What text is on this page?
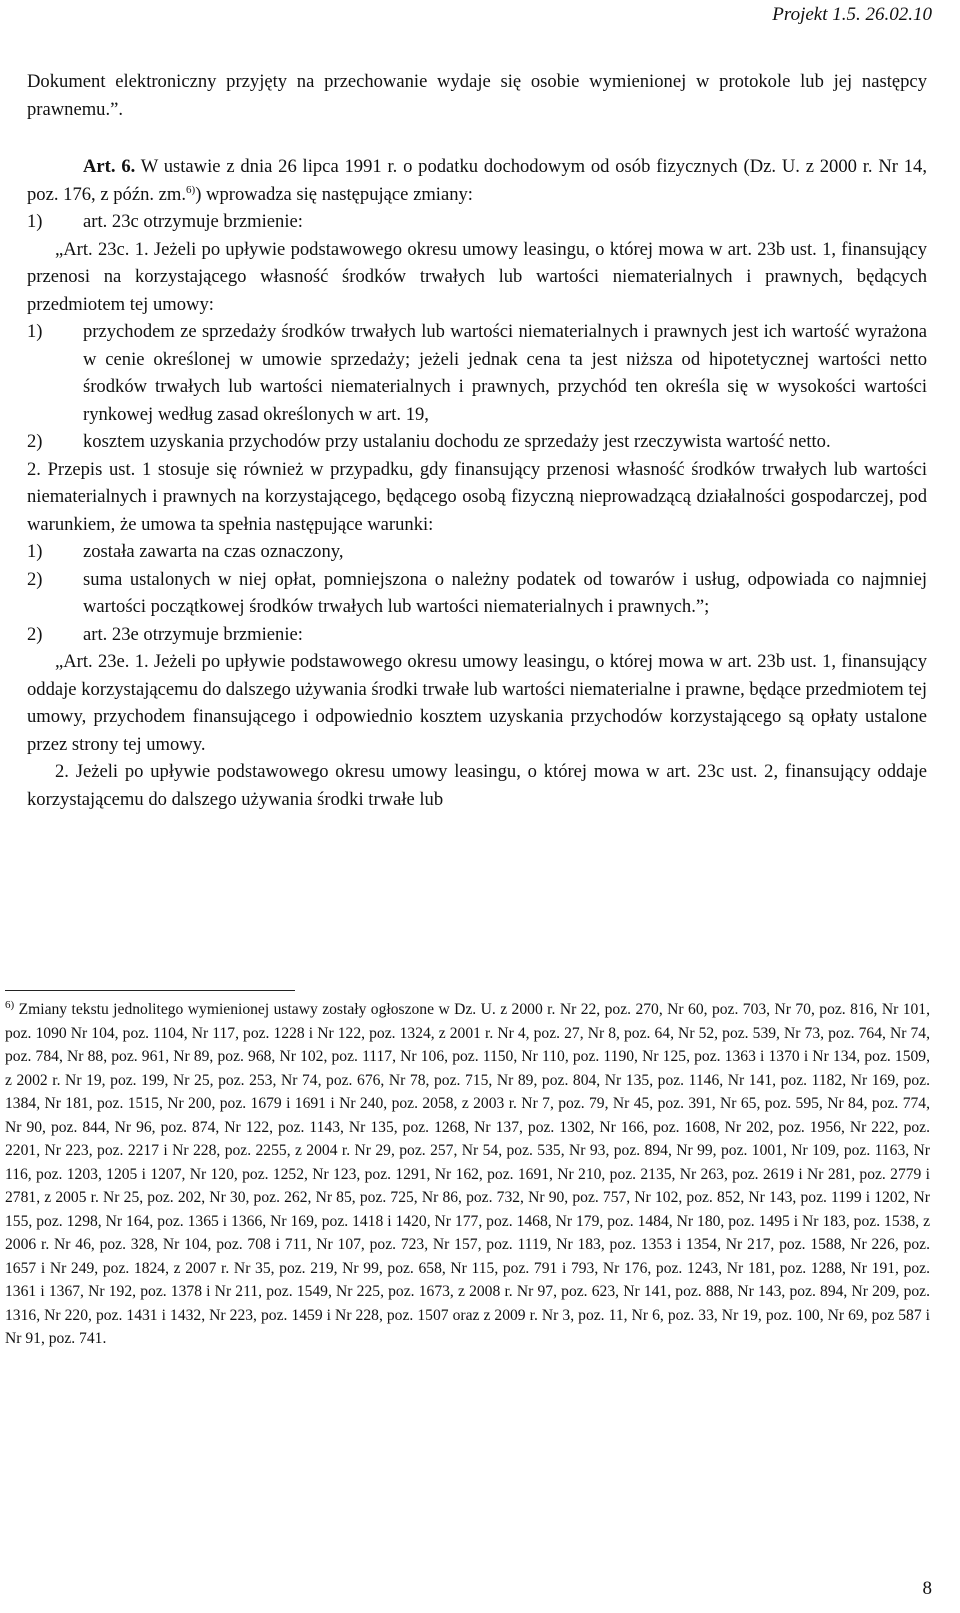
Projekt 1.5. 26.02.10

Dokument elektroniczny przyjęty na przechowanie wydaje się osobie wymienionej w protokole lub jej następcy prawnemu.”.

Art. 6. W ustawie z dnia 26 lipca 1991 r. o podatku dochodowym od osób fizycznych (Dz. U. z 2000 r. Nr 14, poz. 176, z późn. zm.$^{6)}$) wprowadza się następujące zmiany:

1)	art. 23c otrzymuje brzmienie:

„Art. 23c. 1. Jeżeli po upływie podstawowego okresu umowy leasingu, o której mowa w art. 23b ust. 1, finansujący przenosi na korzystającego własność środków trwałych lub wartości niematerialnych i prawnych, będących przedmiotem tej umowy:

1)	przychodem ze sprzedaży środków trwałych lub wartości niematerialnych i prawnych jest ich wartość wyrażona w cenie określonej w umowie sprzedaży; jeżeli jednak cena ta jest niższa od hipotetycznej wartości netto środków trwałych lub wartości niematerialnych i prawnych, przychód ten określa się w wysokości wartości rynkowej według zasad określonych w art. 19,
2)	kosztem uzyskania przychodów przy ustalaniu dochodu ze sprzedaży jest rzeczywista wartość netto.

2. Przepis ust. 1 stosuje się również w przypadku, gdy finansujący przenosi własność środków trwałych lub wartości niematerialnych i prawnych na korzystającego, będącego osobą fizyczną nieprowadzącą działalności gospodarczej, pod warunkiem, że umowa ta spełnia następujące warunki:

1)	została zawarta na czas oznaczony,
2)	suma ustalonych w niej opłat, pomniejszona o należny podatek od towarów i usług, odpowiada co najmniej wartości początkowej środków trwałych lub wartości niematerialnych i prawnych.”;
2)	art. 23e otrzymuje brzmienie:

„Art. 23e. 1. Jeżeli po upływie podstawowego okresu umowy leasingu, o której mowa w art. 23b ust. 1, finansujący oddaje korzystającemu do dalszego używania środki trwałe lub wartości niematerialne i prawne, będące przedmiotem tej umowy, przychodem finansującego i odpowiednio kosztem uzyskania przychodów korzystającego są opłaty ustalone przez strony tej umowy.

2. Jeżeli po upływie podstawowego okresu umowy leasingu, o której mowa w art. 23c ust. 2, finansujący oddaje korzystającemu do dalszego używania środki trwałe lub

$^{6)}$ Zmiany tekstu jednolitego wymienionej ustawy zostały ogłoszone w Dz. U. z 2000 r. Nr 22, poz. 270, Nr 60, poz. 703, Nr 70, poz. 816, Nr 101, poz. 1090 Nr 104, poz. 1104, Nr 117, poz. 1228 i Nr 122, poz. 1324, z 2001 r. Nr 4, poz. 27, Nr 8, poz. 64, Nr 52, poz. 539, Nr 73, poz. 764, Nr 74, poz. 784, Nr 88, poz. 961, Nr 89, poz. 968, Nr 102, poz. 1117, Nr 106, poz. 1150, Nr 110, poz. 1190, Nr 125, poz. 1363 i 1370 i Nr 134, poz. 1509, z 2002 r. Nr 19, poz. 199, Nr 25, poz. 253, Nr 74, poz. 676, Nr 78, poz. 715, Nr 89, poz. 804, Nr 135, poz. 1146, Nr 141, poz. 1182, Nr 169, poz. 1384, Nr 181, poz. 1515, Nr 200, poz. 1679 i 1691 i Nr 240, poz. 2058, z 2003 r. Nr 7, poz. 79, Nr 45, poz. 391, Nr 65, poz. 595, Nr 84, poz. 774, Nr 90, poz. 844, Nr 96, poz. 874, Nr 122, poz. 1143, Nr 135, poz. 1268, Nr 137, poz. 1302, Nr 166, poz. 1608, Nr 202, poz. 1956, Nr 222, poz. 2201, Nr 223, poz. 2217 i Nr 228, poz. 2255, z 2004 r. Nr 29, poz. 257, Nr 54, poz. 535, Nr 93, poz. 894, Nr 99, poz. 1001, Nr 109, poz. 1163, Nr 116, poz. 1203, 1205 i 1207, Nr 120, poz. 1252, Nr 123, poz. 1291, Nr 162, poz. 1691, Nr 210, poz. 2135, Nr 263, poz. 2619 i Nr 281, poz. 2779 i 2781, z 2005 r. Nr 25, poz. 202, Nr 30, poz. 262, Nr 85, poz. 725, Nr 86, poz. 732, Nr 90, poz. 757, Nr 102, poz. 852, Nr 143, poz. 1199 i 1202, Nr 155, poz. 1298, Nr 164, poz. 1365 i 1366, Nr 169, poz. 1418 i 1420, Nr 177, poz. 1468, Nr 179, poz. 1484, Nr 180, poz. 1495 i Nr 183, poz. 1538, z 2006 r. Nr 46, poz. 328, Nr 104, poz. 708 i 711, Nr 107, poz. 723, Nr 157, poz. 1119, Nr 183, poz. 1353 i 1354, Nr 217, poz. 1588, Nr 226, poz. 1657 i Nr 249, poz. 1824, z 2007 r. Nr 35, poz. 219, Nr 99, poz. 658, Nr 115, poz. 791 i 793, Nr 176, poz. 1243, Nr 181, poz. 1288, Nr 191, poz. 1361 i 1367, Nr 192, poz. 1378 i Nr 211, poz. 1549, Nr 225, poz. 1673, z 2008 r. Nr 97, poz. 623, Nr 141, poz. 888, Nr 143, poz. 894, Nr 209, poz. 1316, Nr 220, poz. 1431 i 1432, Nr 223, poz. 1459 i Nr 228, poz. 1507 oraz z 2009 r. Nr 3, poz. 11, Nr 6, poz. 33, Nr 19, poz. 100, Nr 69, poz 587 i Nr 91, poz. 741.
8
